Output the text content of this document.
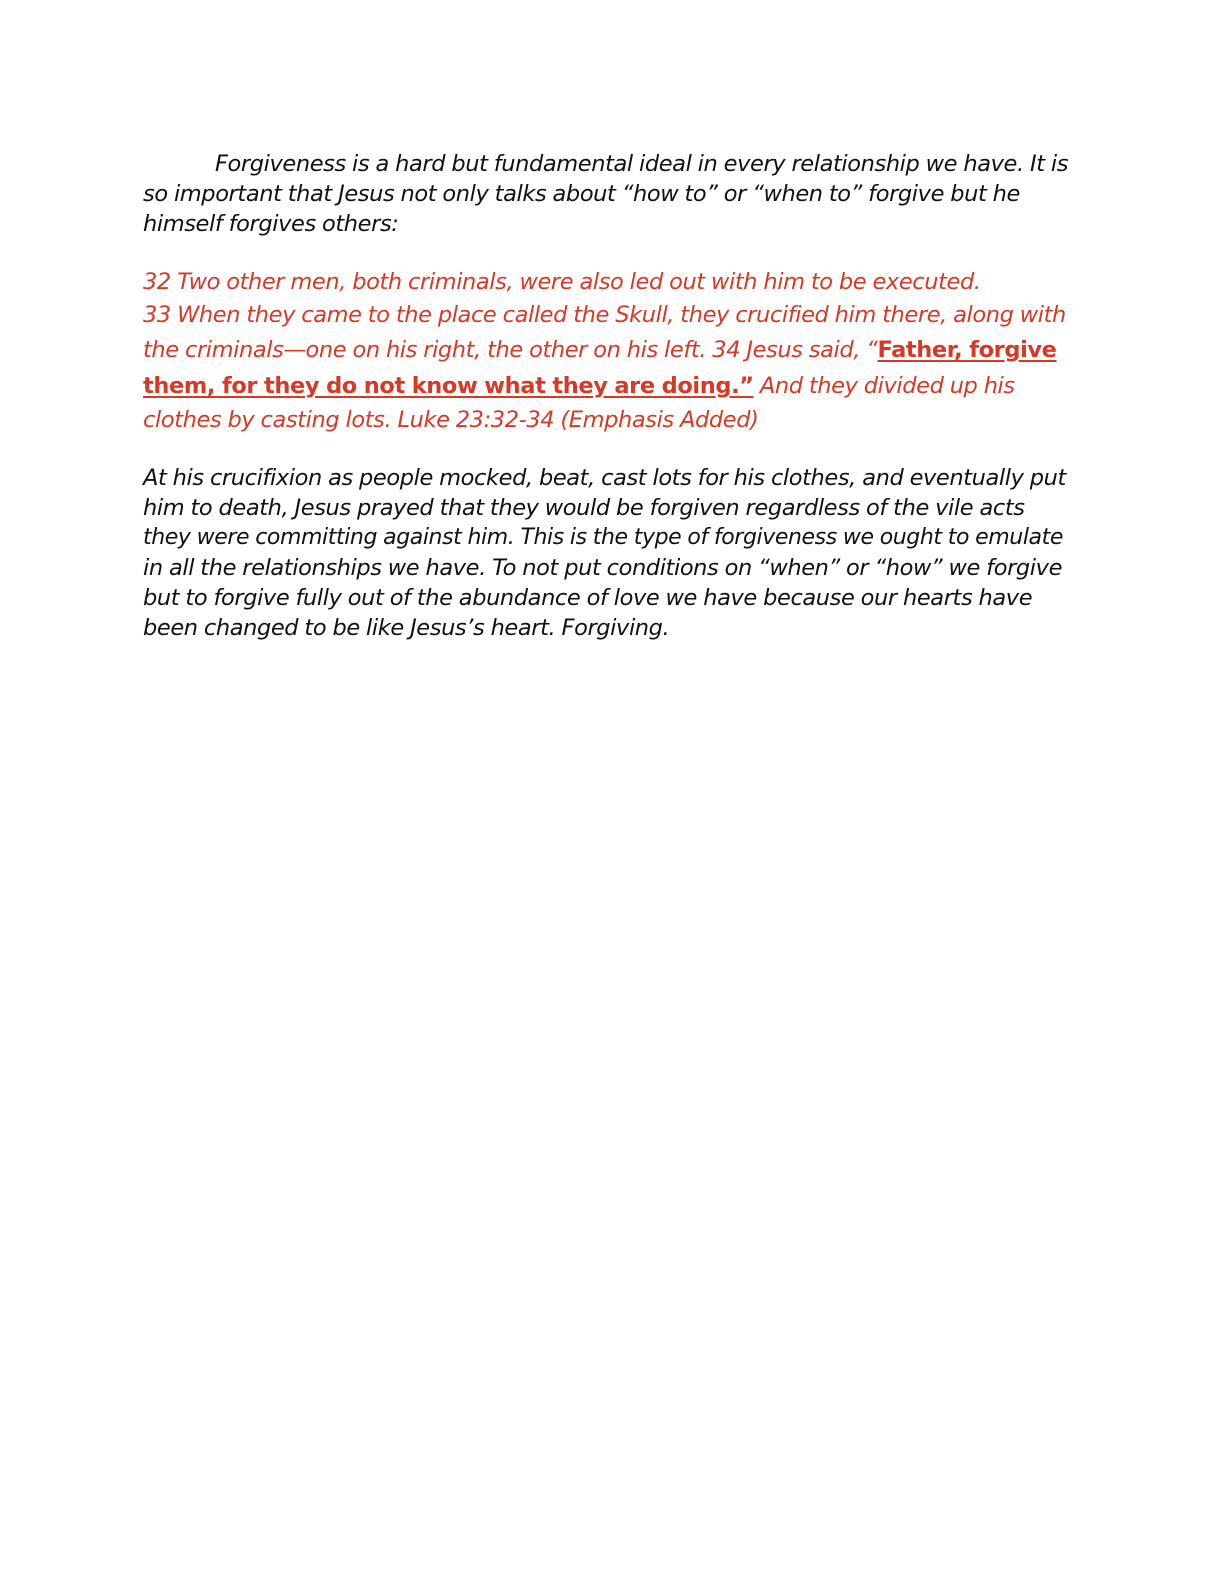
Forgiveness is a hard but fundamental ideal in every relationship we have. It is
so important that Jesus not only talks about “how to” or “when to” forgive but he
himself forgives others:
32 Two other men, both criminals, were also led out with him to be executed.
33 When they came to the place called the Skull, they crucified him there, along with
the criminals—one on his right, the other on his left. 34 Jesus said, “Father, forgive
them, for they do not know what they are doing.” And they divided up his
clothes by casting lots. Luke 23:32-34 (Emphasis Added)
At his crucifixion as people mocked, beat, cast lots for his clothes, and eventually put
him to death, Jesus prayed that they would be forgiven regardless of the vile acts
they were committing against him. This is the type of forgiveness we ought to emulate
in all the relationships we have. To not put conditions on “when” or “how” we forgive
but to forgive fully out of the abundance of love we have because our hearts have
been changed to be like Jesus’s heart. Forgiving.
